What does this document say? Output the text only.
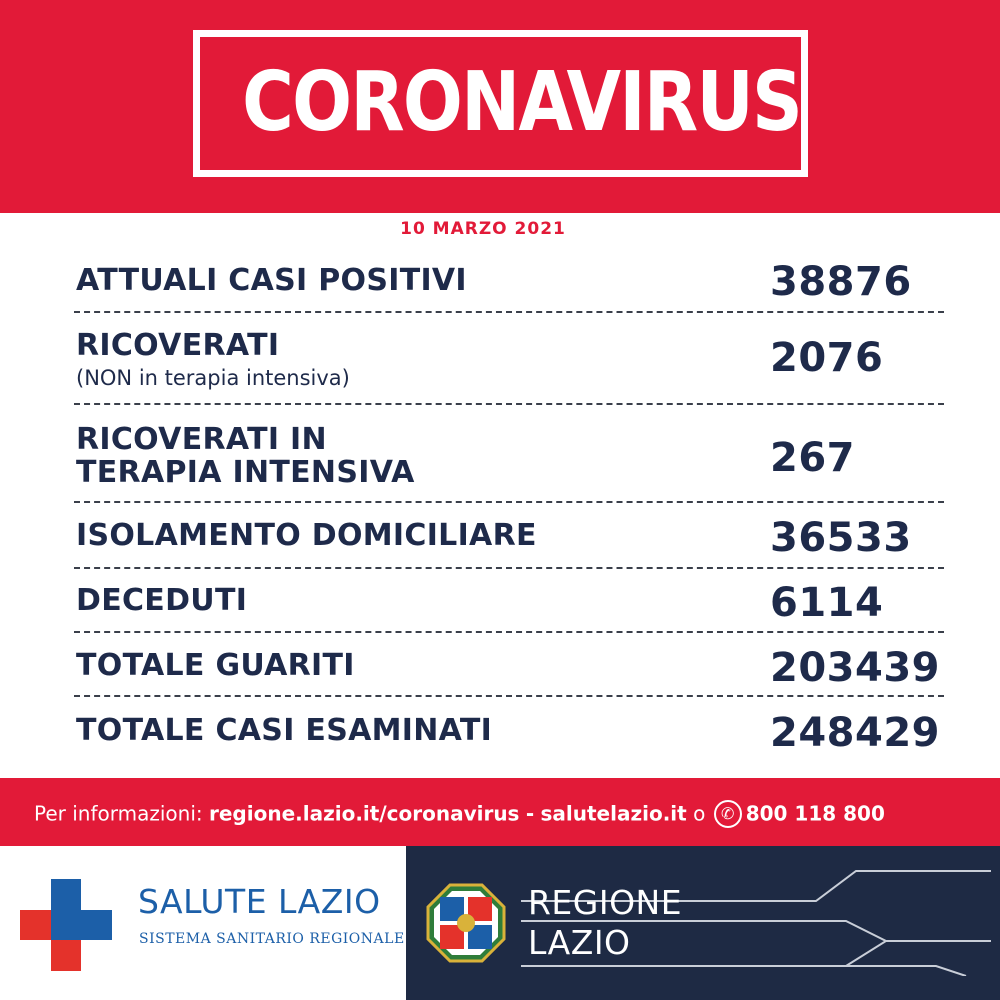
CORONAVIRUS
10 MARZO 2021
ATTUALI CASI POSITIVI	38876
RICOVERATI
(NON in terapia intensiva)	2076
RICOVERATI IN
TERAPIA INTENSIVA	267
ISOLAMENTO DOMICILIARE	36533
DECEDUTI	6114
TOTALE GUARITI	203439
TOTALE CASI ESAMINATI	248429
Per informazioni: regione.lazio.it/coronavirus - salutelazio.it o ✆ 800 118 800
SALUTE LAZIO
SISTEMA SANITARIO REGIONALE
REGIONE
LAZIO
